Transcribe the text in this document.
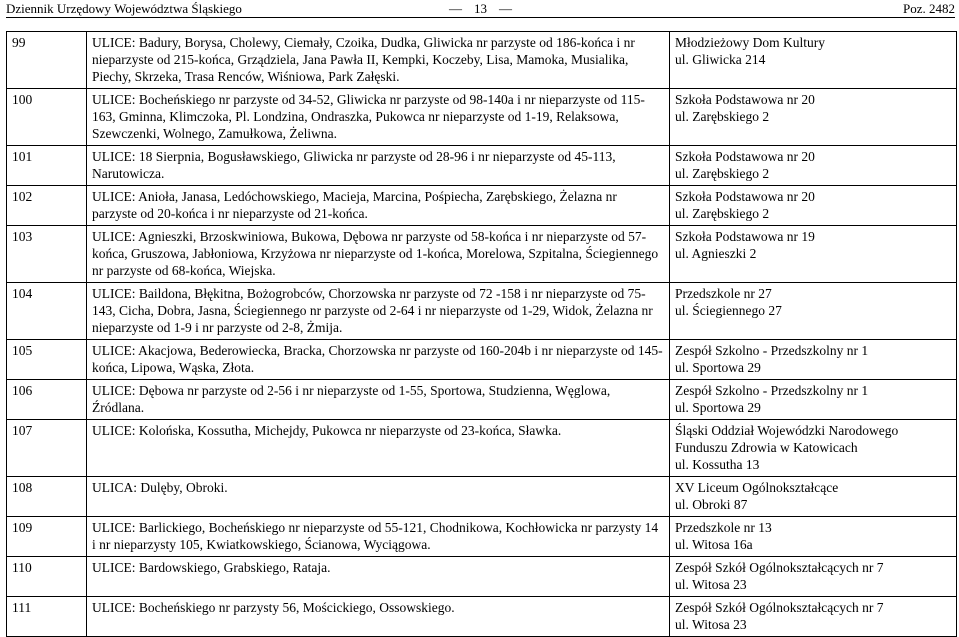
Dziennik Urzędowy Województwa Śląskiego	— 13 —	Poz. 2482
99	ULICE: Badury, Borysa, Cholewy, Ciemały, Czoika, Dudka, Gliwicka nr parzyste od 186-końca i nr nieparzyste od 215-końca, Grządziela, Jana Pawła II, Kempki, Koczeby, Lisa, Mamoka, Musialika, Piechy, Skrzeka, Trasa Renców, Wiśniowa, Park Załęski.	Młodzieżowy Dom Kultury
ul. Gliwicka 214

100	ULICE: Bocheńskiego nr parzyste od 34-52, Gliwicka nr parzyste od 98-140a i nr nieparzyste od 115-163, Gminna, Klimczoka, Pl. Londzina, Ondraszka, Pukowca nr nieparzyste od 1-19, Relaksowa, Szewczenki, Wolnego, Zamułkowa, Żeliwna.	Szkoła Podstawowa nr 20
ul. Zarębskiego 2

101	ULICE: 18 Sierpnia, Bogusławskiego, Gliwicka nr parzyste od 28-96 i nr nieparzyste od 45-113, Narutowicza.	Szkoła Podstawowa nr 20
ul. Zarębskiego 2

102	ULICE: Anioła, Janasa, Ledóchowskiego, Macieja, Marcina, Pośpiecha, Zarębskiego, Żelazna nr parzyste od 20-końca i nr nieparzyste od 21-końca.	Szkoła Podstawowa nr 20
ul. Zarębskiego 2

103	ULICE: Agnieszki, Brzoskwiniowa, Bukowa, Dębowa nr parzyste od 58-końca i nr nieparzyste od 57-końca, Gruszowa, Jabłoniowa, Krzyżowa nr nieparzyste od 1-końca, Morelowa, Szpitalna, Ściegiennego nr parzyste od 68-końca, Wiejska.	Szkoła Podstawowa nr 19
ul. Agnieszki 2

104	ULICE: Baildona, Błękitna, Bożogrobców, Chorzowska nr parzyste od 72 -158 i nr nieparzyste od 75-143, Cicha, Dobra, Jasna, Ściegiennego nr parzyste od 2-64 i nr nieparzyste od 1-29, Widok, Żelazna nr nieparzyste od 1-9 i nr parzyste od 2-8, Żmija.	Przedszkole nr 27
ul. Ściegiennego 27

105	ULICE: Akacjowa, Bederowiecka, Bracka, Chorzowska nr parzyste od 160-204b i nr nieparzyste od 145-końca, Lipowa, Wąska, Złota.	Zespół Szkolno - Przedszkolny nr 1
ul. Sportowa 29

106	ULICE: Dębowa nr parzyste od 2-56 i nr nieparzyste od 1-55, Sportowa, Studzienna, Węglowa, Źródlana.	Zespół Szkolno - Przedszkolny nr 1
ul. Sportowa 29

107	ULICE: Kolońska, Kossutha, Michejdy, Pukowca nr nieparzyste od 23-końca, Sławka.	Śląski Oddział Wojewódzki Narodowego Funduszu Zdrowia w Katowicach
ul. Kossutha 13

108	ULICA: Dulęby, Obroki.	XV Liceum Ogólnokształcące
ul. Obroki 87

109	ULICE: Barlickiego, Bocheńskiego nr nieparzyste od 55-121, Chodnikowa, Kochłowicka nr parzysty 14 i nr nieparzysty 105, Kwiatkowskiego, Ścianowa, Wyciągowa.	Przedszkole nr 13
ul. Witosa 16a

110	ULICE: Bardowskiego, Grabskiego, Rataja.	Zespół Szkół Ogólnokształcących nr 7
ul. Witosa 23

111	ULICE: Bocheńskiego nr parzysty 56, Mościckiego, Ossowskiego.	Zespół Szkół Ogólnokształcących nr 7
ul. Witosa 23
